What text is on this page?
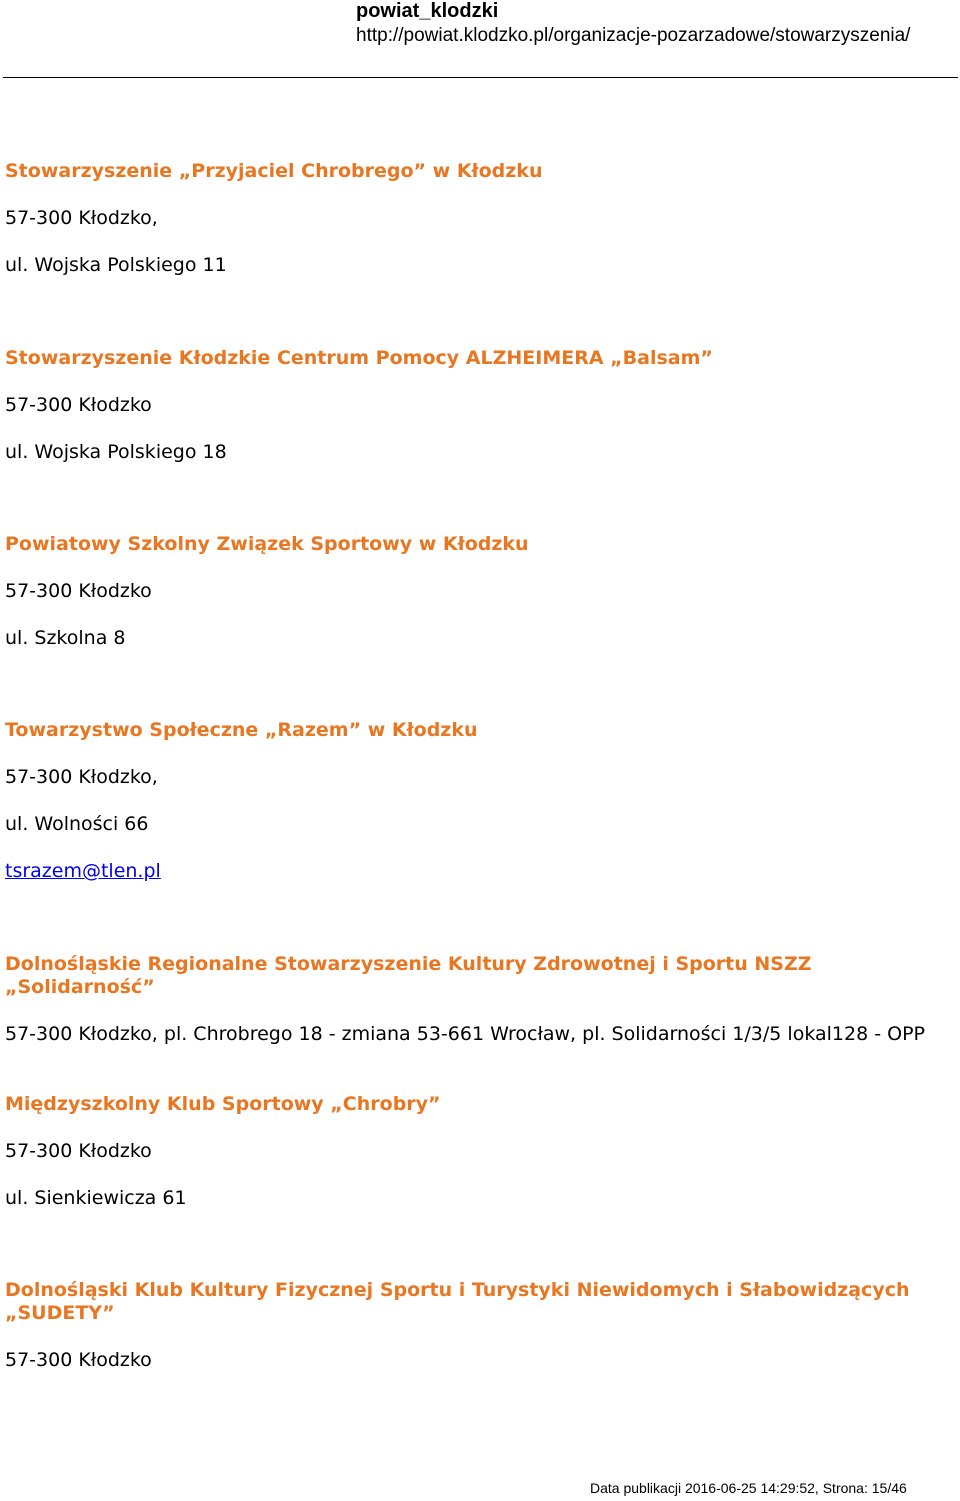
powiat_klodzki
http://powiat.klodzko.pl/organizacje-pozarzadowe/stowarzyszenia/

Stowarzyszenie „Przyjaciel Chrobrego” w Kłodzku

57-300 Kłodzko,

ul. Wojska Polskiego 11

Stowarzyszenie Kłodzkie Centrum Pomocy ALZHEIMERA „Balsam”

57-300 Kłodzko

ul. Wojska Polskiego 18

Powiatowy Szkolny Związek Sportowy w Kłodzku

57-300 Kłodzko

ul. Szkolna 8

Towarzystwo Społeczne „Razem” w Kłodzku

57-300 Kłodzko,

ul. Wolności 66

tsrazem@tlen.pl

Dolnośląskie Regionalne Stowarzyszenie Kultury Zdrowotnej i Sportu NSZZ „Solidarność”

57-300 Kłodzko, pl. Chrobrego 18 - zmiana 53-661 Wrocław, pl. Solidarności 1/3/5 lokal128 - OPP

Międzyszkolny Klub Sportowy „Chrobry”

57-300 Kłodzko

ul. Sienkiewicza 61

Dolnośląski Klub Kultury Fizycznej Sportu i Turystyki Niewidomych i Słabowidzących „SUDETY”

57-300 Kłodzko

Data publikacji 2016-06-25 14:29:52, Strona: 15/46
